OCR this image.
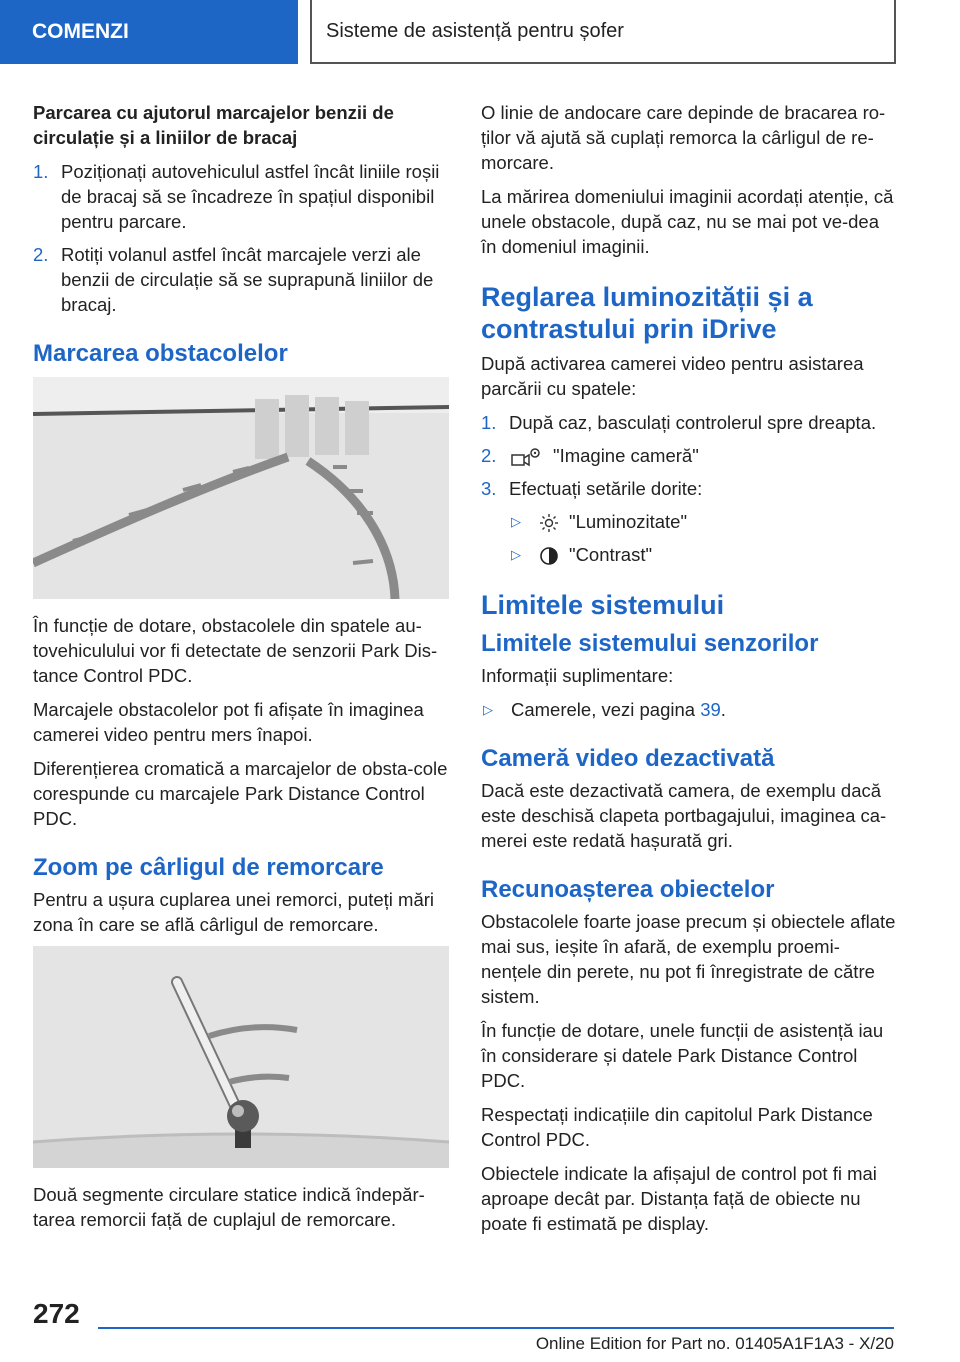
COMENZI	Sisteme de asistență pentru șofer

Parcarea cu ajutorul marcajelor benzii de circulație și a liniilor de bracaj

1. Poziționați autovehiculul astfel încât liniile roșii de bracaj să se încadreze în spațiul disponibil pentru parcare.
2. Rotiți volanul astfel încât marcajele verzi ale benzii de circulație să se suprapună liniilor de bracaj.
Marcarea obstacolelor

În funcție de dotare, obstacolele din spatele au-tovehiculului vor fi detectate de senzorii Park Dis-tance Control PDC.

Marcajele obstacolelor pot fi afișate în imaginea camerei video pentru mers înapoi.

Diferențierea cromatică a marcajelor de obsta-cole corespunde cu marcajele Park Distance Control PDC.

Zoom pe cârligul de remorcare

Pentru a ușura cuplarea unei remorci, puteți mări zona în care se află cârligul de remorcare.

Două segmente circulare statice indică îndepăr-tarea remorcii față de cuplajul de remorcare.

O linie de andocare care depinde de bracarea ro-ților vă ajută să cuplați remorca la cârligul de re-morcare.

La mărirea domeniului imaginii acordați atenție, că unele obstacole, după caz, nu se mai pot ve-dea în domeniul imaginii.

Reglarea luminozității și a contrastului prin iDrive

După activarea camerei video pentru asistarea parcării cu spatele:

1. După caz, basculați controlerul spre dreapta.
2.	"Imagine cameră"
3. Efectuați setările dorite:
▷	"Luminozitate"
▷	"Contrast"
Limitele sistemului
Limitele sistemului senzorilor

Informații suplimentare:

▷ Camerele, vezi pagina 39.
Cameră video dezactivată

Dacă este dezactivată camera, de exemplu dacă este deschisă clapeta portbagajului, imaginea ca-merei este redată hașurată gri.

Recunoașterea obiectelor

Obstacolele foarte joase precum și obiectele aflate mai sus, ieșite în afară, de exemplu proemi-nențele din perete, nu pot fi înregistrate de către sistem.

În funcție de dotare, unele funcții de asistență iau în considerare și datele Park Distance Control PDC.

Respectați indicațiile din capitolul Park Distance Control PDC.

Obiectele indicate la afișajul de control pot fi mai aproape decât par. Distanța față de obiecte nu poate fi estimată pe display.

272
Online Edition for Part no. 01405A1F1A3 - X/20
